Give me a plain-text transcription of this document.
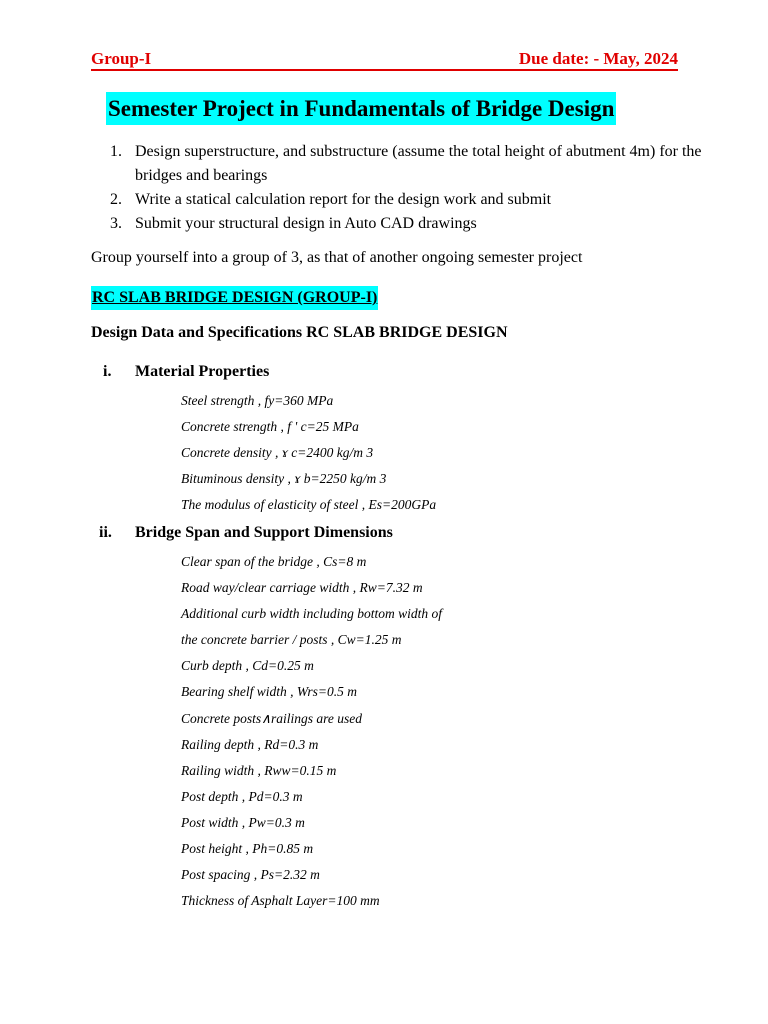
Group-I	Due date: - May, 2024
Semester Project in Fundamentals of Bridge Design
1. Design superstructure, and substructure (assume the total height of abutment 4m) for the bridges and bearings
2. Write a statical calculation report for the design work and submit
3. Submit your structural design in Auto CAD drawings
Group yourself into a group of 3, as that of another ongoing semester project
RC SLAB BRIDGE DESIGN (GROUP-I)
Design Data and Specifications RC SLAB BRIDGE DESIGN
i. Material Properties
Steel strength , fy=360 MPa
Concrete strength , f ' c=25 MPa
Concrete density , ɤ c=2400 kg/m 3
Bituminous density , ɤ b=2250 kg/m 3
The modulus of elasticity of steel , Es=200GPa
ii. Bridge Span and Support Dimensions
Clear span of the bridge , Cs=8 m
Road way/clear carriage width , Rw=7.32 m
Additional curb width including bottom width of
the concrete barrier / posts , Cw=1.25 m
Curb depth , Cd=0.25 m
Bearing shelf width , Wrs=0.5 m
Concrete posts∧railings are used
Railing depth , Rd=0.3 m
Railing width , Rww=0.15 m
Post depth , Pd=0.3 m
Post width , Pw=0.3 m
Post height , Ph=0.85 m
Post spacing , Ps=2.32 m
Thickness of Asphalt Layer=100 mm
